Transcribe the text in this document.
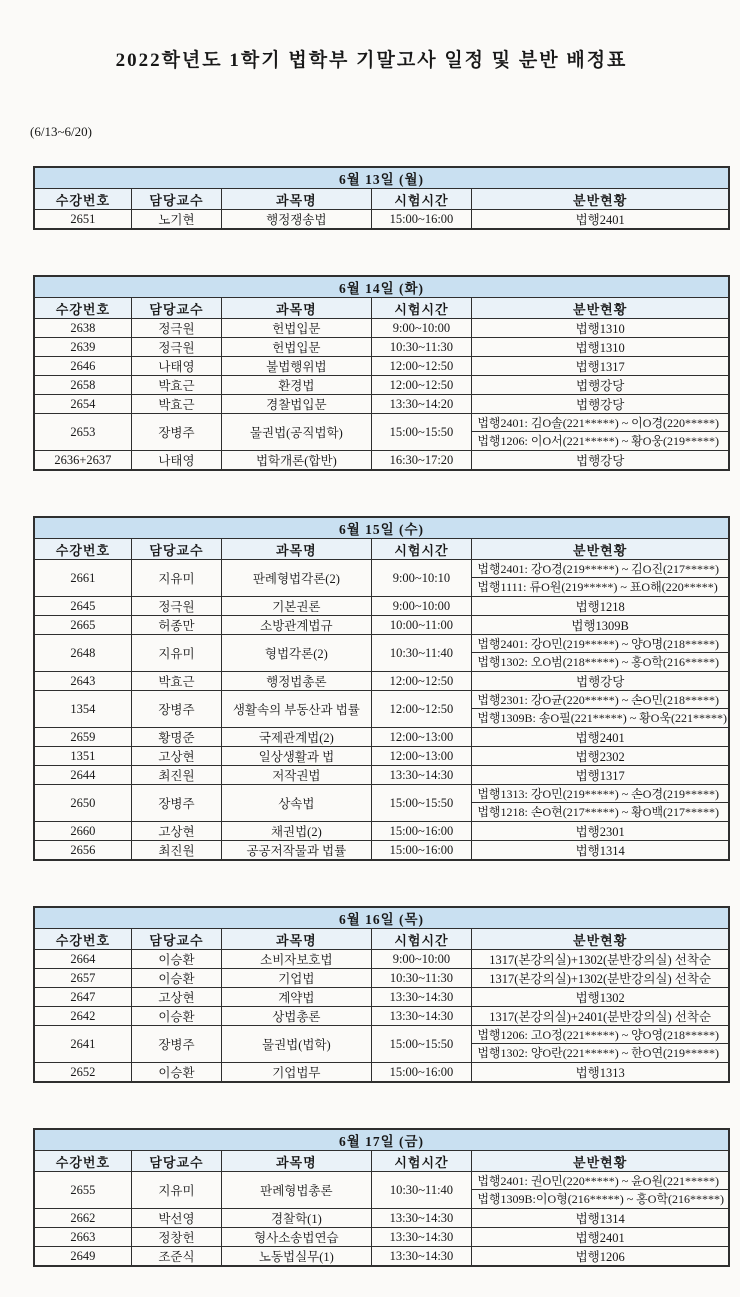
2022학년도 1학기 법학부 기말고사 일정 및 분반 배정표
(6/13~6/20)
6월 13일 (월)				
수강번호	담당교수	과목명	시험시간	분반현황
2651	노기현	행정쟁송법	15:00~16:00	법행2401
6월 14일 (화)				
수강번호	담당교수	과목명	시험시간	분반현황
2638	정극원	헌법입문	9:00~10:00	법행1310
2639	정극원	헌법입문	10:30~11:30	법행1310
2646	나태영	불법행위법	12:00~12:50	법행1317
2658	박효근	환경법	12:00~12:50	법행강당
2654	박효근	경찰법입문	13:30~14:20	법행강당
2653	장병주	물권법(공직법학)	15:00~15:50	법행2401: 김O솔(221*****) ~ 이O경(220*****)
법행1206: 이O서(221*****) ~ 황O웅(219*****)

2636+2637	나태영	법학개론(합반)	16:30~17:20	법행강당
6월 15일 (수)				
수강번호	담당교수	과목명	시험시간	분반현황
2661	지유미	판례형법각론(2)	9:00~10:10	법행2401: 강O경(219*****) ~ 김O진(217*****)
법행1111: 류O원(219*****) ~ 표O해(220*****)

2645	정극원	기본권론	9:00~10:00	법행1218
2665	허종만	소방관계법규	10:00~11:00	법행1309B
2648	지유미	형법각론(2)	10:30~11:40	법행2401: 강O민(219*****) ~ 양O명(218*****)
법행1302: 오O범(218*****) ~ 홍O학(216*****)

2643	박효근	행정법총론	12:00~12:50	법행강당
1354	장병주	생활속의 부동산과 법률	12:00~12:50	법행2301: 강O균(220*****) ~ 손O민(218*****)
법행1309B: 송O필(221*****) ~ 황O욱(221*****)

2659	황명준	국제관계법(2)	12:00~13:00	법행2401
1351	고상현	일상생활과 법	12:00~13:00	법행2302
2644	최진원	저작권법	13:30~14:30	법행1317
2650	장병주	상속법	15:00~15:50	법행1313: 강O민(219*****) ~ 손O경(219*****)
법행1218: 손O현(217*****) ~ 황O백(217*****)

2660	고상현	채권법(2)	15:00~16:00	법행2301
2656	최진원	공공저작물과 법률	15:00~16:00	법행1314
6월 16일 (목)				
수강번호	담당교수	과목명	시험시간	분반현황
2664	이승환	소비자보호법	9:00~10:00	1317(본강의실)+1302(분반강의실) 선착순
2657	이승환	기업법	10:30~11:30	1317(본강의실)+1302(분반강의실) 선착순
2647	고상현	계약법	13:30~14:30	법행1302
2642	이승환	상법총론	13:30~14:30	1317(본강의실)+2401(분반강의실) 선착순
2641	장병주	물권법(법학)	15:00~15:50	법행1206: 고O정(221*****) ~ 양O영(218*****)
법행1302: 양O란(221*****) ~ 한O연(219*****)

2652	이승환	기업법무	15:00~16:00	법행1313
6월 17일 (금)				
수강번호	담당교수	과목명	시험시간	분반현황
2655	지유미	판례형법총론	10:30~11:40	법행2401: 권O민(220*****) ~ 윤O원(221*****)
법행1309B:이O형(216*****) ~ 홍O학(216*****)

2662	박선영	경찰학(1)	13:30~14:30	법행1314
2663	정창헌	형사소송법연습	13:30~14:30	법행2401
2649	조준식	노동법실무(1)	13:30~14:30	법행1206
